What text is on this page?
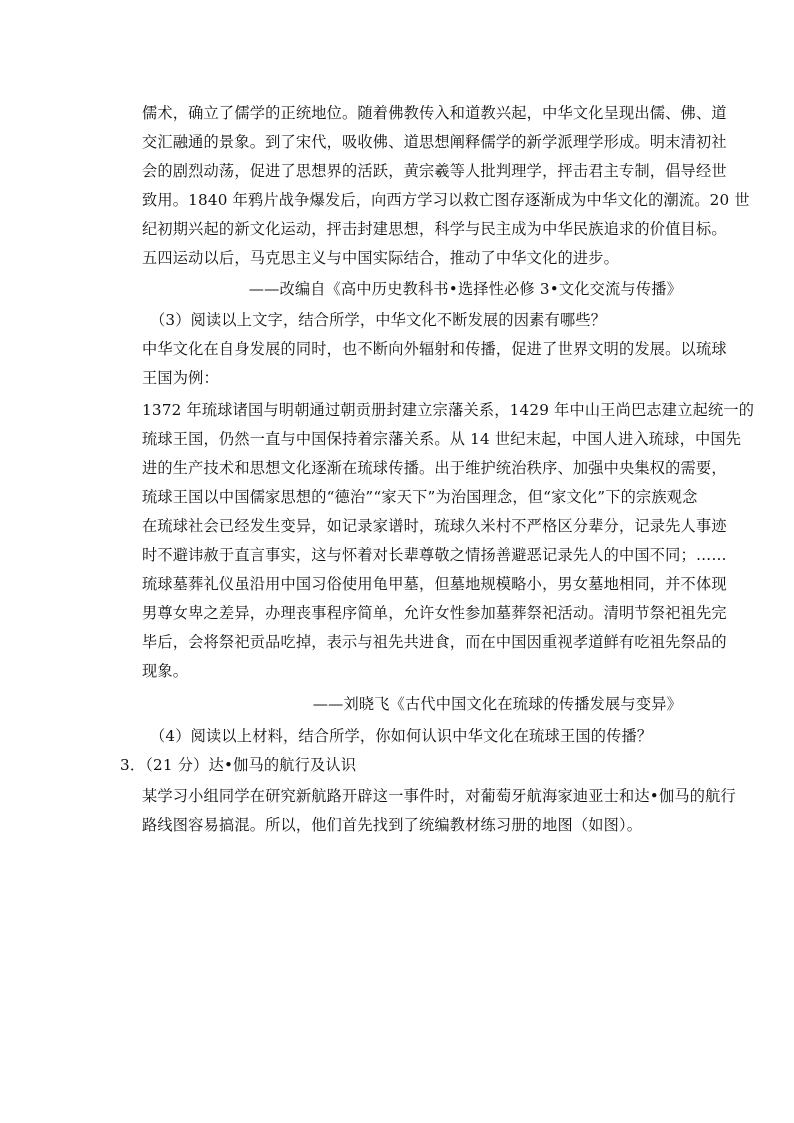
儒术，确立了儒学的正统地位。随着佛教传入和道教兴起，中华文化呈现出儒、佛、道
交汇融通的景象。到了宋代，吸收佛、道思想阐释儒学的新学派理学形成。明末清初社
会的剧烈动荡，促进了思想界的活跃，黄宗羲等人批判理学，抨击君主专制，倡导经世
致用。1840 年鸦片战争爆发后，向西方学习以救亡图存逐渐成为中华文化的潮流。20 世
纪初期兴起的新文化运动，抨击封建思想，科学与民主成为中华民族追求的价值目标。
五四运动以后，马克思主义与中国实际结合，推动了中华文化的进步。
——改编自《高中历史教科书•选择性必修 3•文化交流与传播》
（3）阅读以上文字，结合所学，中华文化不断发展的因素有哪些？
中华文化在自身发展的同时，也不断向外辐射和传播，促进了世界文明的发展。以琉球
王国为例：
1372 年琉球诸国与明朝通过朝贡册封建立宗藩关系，1429 年中山王尚巴志建立起统一的
琉球王国，仍然一直与中国保持着宗藩关系。从 14 世纪末起，中国人进入琉球，中国先
进的生产技术和思想文化逐渐在琉球传播。出于维护统治秩序、加强中央集权的需要，
琉球王国以中国儒家思想的“德治”“家天下”为治国理念，但“家文化”下的宗族观念
在琉球社会已经发生变异，如记录家谱时，琉球久米村不严格区分辈分，记录先人事迹
时不避讳赦于直言事实，这与怀着对长辈尊敬之情扬善避恶记录先人的中国不同；……
琉球墓葬礼仪虽沿用中国习俗使用龟甲墓，但墓地规模略小，男女墓地相同，并不体现
男尊女卑之差异，办理丧事程序简单，允许女性参加墓葬祭祀活动。清明节祭祀祖先完
毕后，会将祭祀贡品吃掉，表示与祖先共进食，而在中国因重视孝道鲜有吃祖先祭品的
现象。
——刘晓飞《古代中国文化在琉球的传播发展与变异》
（4）阅读以上材料，结合所学，你如何认识中华文化在琉球王国的传播？
3．（21 分）达•伽马的航行及认识
某学习小组同学在研究新航路开辟这一事件时，对葡萄牙航海家迪亚士和达•伽马的航行
路线图容易搞混。所以，他们首先找到了统编教材练习册的地图（如图）。
